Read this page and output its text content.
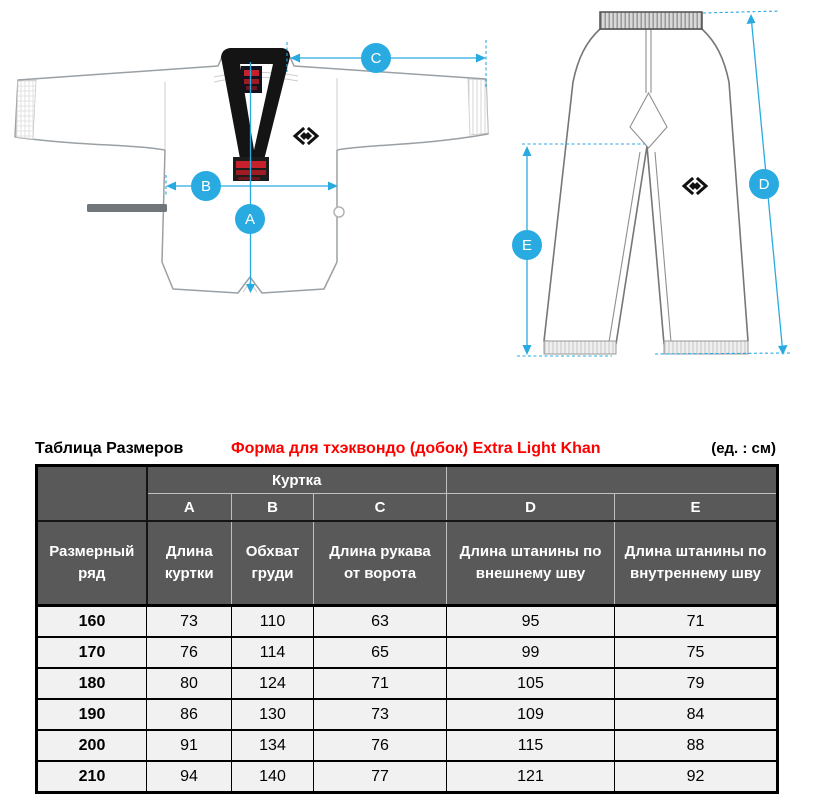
C
B
A
D
E
Таблица Размеров	Форма для тхэквондо (добок) Extra Light Khan	(ед. : см)
	Куртка				
	A	B	C	D	E
Размерный ряд	Длина куртки	Обхват груди	Длина рукава от ворота	Длина штанины по внешнему шву	Длина штанины по внутреннему шву
160	73	110	63	95	71
170	76	114	65	99	75
180	80	124	71	105	79
190	86	130	73	109	84
200	91	134	76	115	88
210	94	140	77	121	92
